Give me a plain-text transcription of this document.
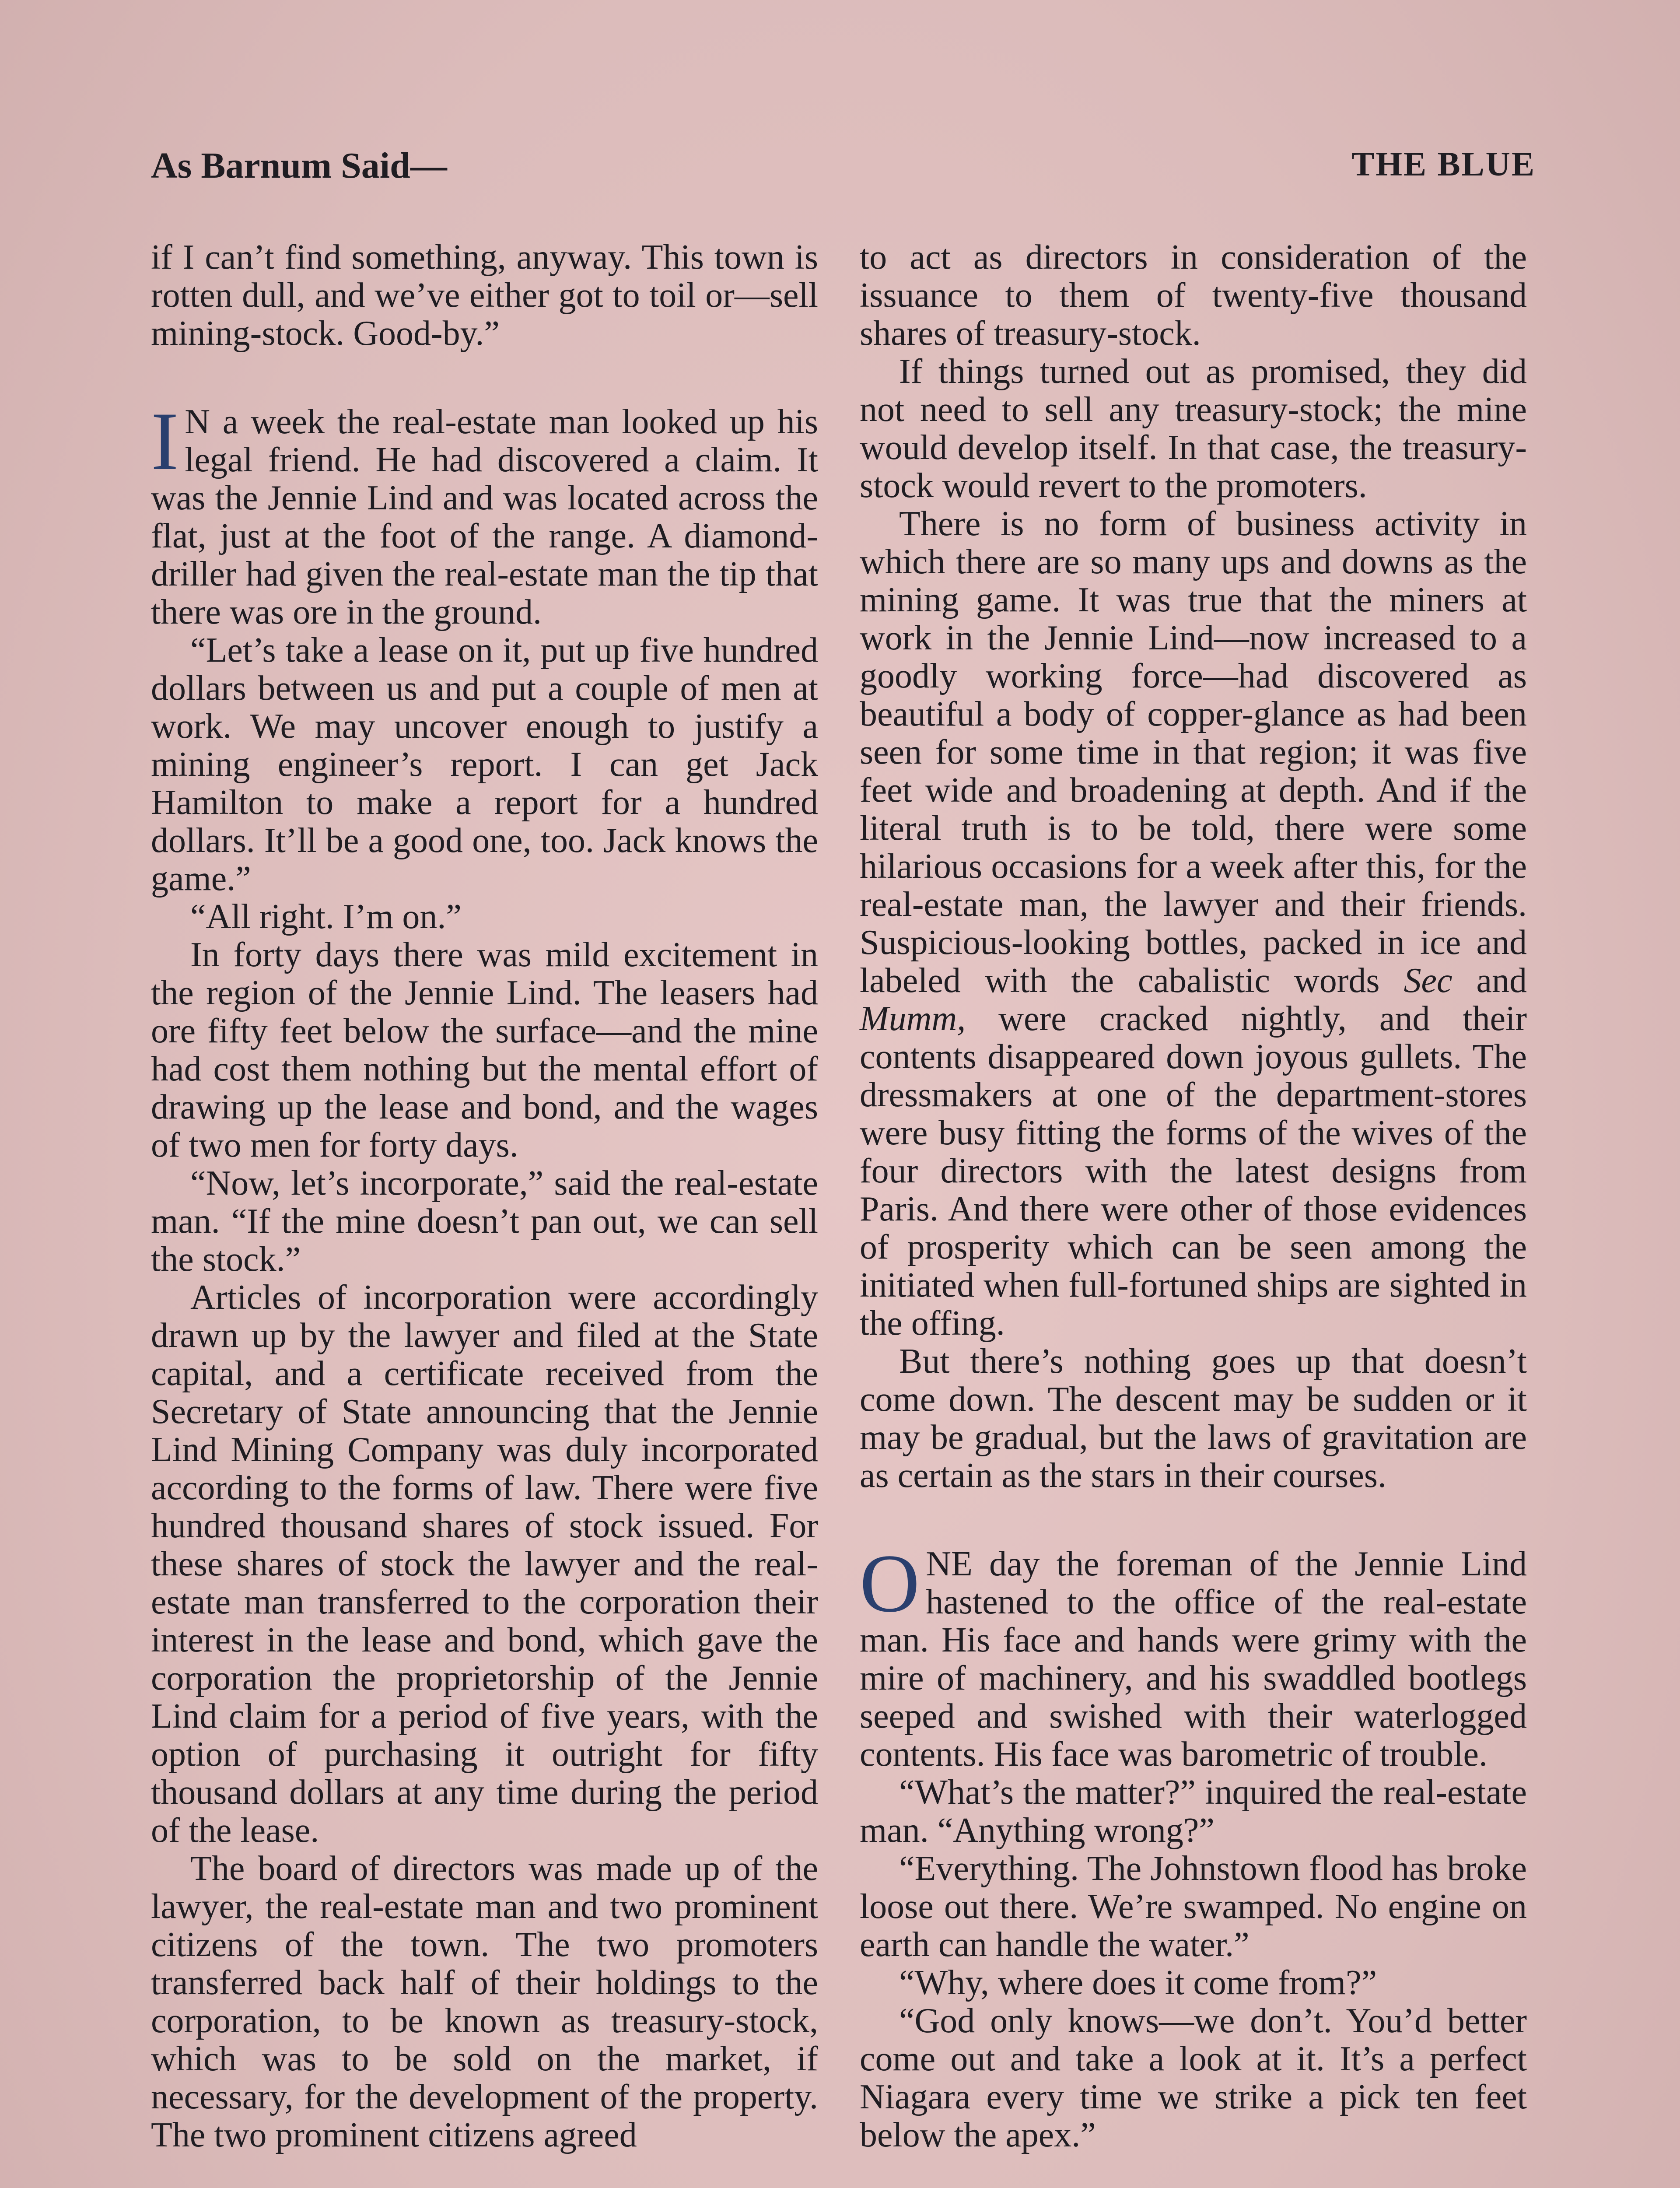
As Barnum Said—	THE BLUE

if I can’t find something, anyway. This town is rotten dull, and we’ve either got to toil or—sell mining-stock. Good-by.”

I N a week the real-estate man looked up his legal friend. He had discovered a claim. It was the Jennie Lind and was located across the flat, just at the foot of the range. A diamond-driller had given the real-estate man the tip that there was ore in the ground.

“Let’s take a lease on it, put up five hundred dollars between us and put a couple of men at work. We may uncover enough to justify a mining engineer’s report. I can get Jack Hamilton to make a report for a hundred dollars. It’ll be a good one, too. Jack knows the game.”

“All right. I’m on.”

In forty days there was mild excitement in the region of the Jennie Lind. The leasers had ore fifty feet below the surface—and the mine had cost them nothing but the mental effort of drawing up the lease and bond, and the wages of two men for forty days.

“Now, let’s incorporate,” said the real-estate man. “If the mine doesn’t pan out, we can sell the stock.”

Articles of incorporation were accordingly drawn up by the lawyer and filed at the State capital, and a certificate received from the Secretary of State announcing that the Jennie Lind Mining Company was duly incorporated according to the forms of law. There were five hundred thousand shares of stock issued. For these shares of stock the lawyer and the real-estate man transferred to the corporation their interest in the lease and bond, which gave the corporation the proprietorship of the Jennie Lind claim for a period of five years, with the option of purchasing it outright for fifty thousand dollars at any time during the period of the lease.

The board of directors was made up of the lawyer, the real-estate man and two prominent citizens of the town. The two promoters transferred back half of their holdings to the corporation, to be known as treasury-stock, which was to be sold on the market, if necessary, for the development of the property. The two prominent citizens agreed

to act as directors in consideration of the issuance to them of twenty-five thousand shares of treasury-stock.

If things turned out as promised, they did not need to sell any treasury-stock; the mine would develop itself. In that case, the treasury-stock would revert to the promoters.

There is no form of business activity in which there are so many ups and downs as the mining game. It was true that the miners at work in the Jennie Lind—now increased to a goodly working force—had discovered as beautiful a body of copper-glance as had been seen for some time in that region; it was five feet wide and broadening at depth. And if the literal truth is to be told, there were some hilarious occasions for a week after this, for the real-estate man, the lawyer and their friends. Suspicious-looking bottles, packed in ice and labeled with the cabalistic words Sec and Mumm, were cracked nightly, and their contents disappeared down joyous gullets. The dressmakers at one of the department-stores were busy fitting the forms of the wives of the four directors with the latest designs from Paris. And there were other of those evidences of prosperity which can be seen among the initiated when full-fortuned ships are sighted in the offing.

But there’s nothing goes up that doesn’t come down. The descent may be sudden or it may be gradual, but the laws of gravitation are as certain as the stars in their courses.

ONE day the foreman of the Jennie Lind hastened to the office of the real-estate man. His face and hands were grimy with the mire of machinery, and his swaddled bootlegs seeped and swished with their waterlogged contents. His face was barometric of trouble.

“What’s the matter?” inquired the real-estate man. “Anything wrong?”

“Everything. The Johnstown flood has broke loose out there. We’re swamped. No engine on earth can handle the water.”

“Why, where does it come from?”

“God only knows—we don’t. You’d better come out and take a look at it. It’s a perfect Niagara every time we strike a pick ten feet below the apex.”
